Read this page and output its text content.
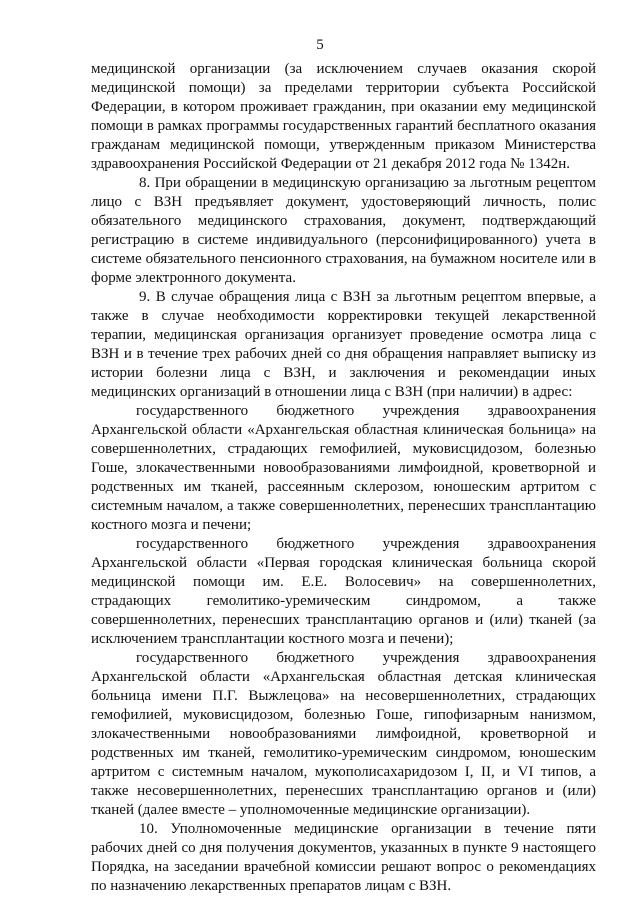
5

медицинской организации (за исключением случаев оказания скорой медицинской помощи) за пределами территории субъекта Российской Федерации, в котором проживает гражданин, при оказании ему медицинской помощи в рамках программы государственных гарантий бесплатного оказания гражданам медицинской помощи, утвержденным приказом Министерства здравоохранения Российской Федерации от 21 декабря 2012 года № 1342н.

8. При обращении в медицинскую организацию за льготным рецептом лицо с ВЗН предъявляет документ, удостоверяющий личность, полис обязательного медицинского страхования, документ, подтверждающий регистрацию в системе индивидуального (персонифицированного) учета в системе обязательного пенсионного страхования, на бумажном носителе или в форме электронного документа.

9. В случае обращения лица с ВЗН за льготным рецептом впервые, а также в случае необходимости корректировки текущей лекарственной терапии, медицинская организация организует проведение осмотра лица с ВЗН и в течение трех рабочих дней со дня обращения направляет выписку из истории болезни лица с ВЗН, и заключения и рекомендации иных медицинских организаций в отношении лица с ВЗН (при наличии) в адрес:

государственного бюджетного учреждения здравоохранения Архангельской области «Архангельская областная клиническая больница» на совершеннолетних, страдающих гемофилией, муковисцидозом, болезнью Гоше, злокачественными новообразованиями лимфоидной, кроветворной и родственных им тканей, рассеянным склерозом, юношеским артритом с системным началом, а также совершеннолетних, перенесших трансплантацию костного мозга и печени;

государственного бюджетного учреждения здравоохранения Архангельской области «Первая городская клиническая больница скорой медицинской помощи им. Е.Е. Волосевич» на совершеннолетних, страдающих гемолитико-уремическим синдромом, а также совершеннолетних, перенесших трансплантацию органов и (или) тканей (за исключением трансплантации костного мозга и печени);

государственного бюджетного учреждения здравоохранения Архангельской области «Архангельская областная детская клиническая больница имени П.Г. Выжлецова» на несовершеннолетних, страдающих гемофилией, муковисцидозом, болезнью Гоше, гипофизарным нанизмом, злокачественными новообразованиями лимфоидной, кроветворной и родственных им тканей, гемолитико-уремическим синдромом, юношеским артритом с системным началом, мукополисахаридозом I, II, и VI типов, а также несовершеннолетних, перенесших трансплантацию органов и (или) тканей (далее вместе – уполномоченные медицинские организации).

10. Уполномоченные медицинские организации в течение пяти рабочих дней со дня получения документов, указанных в пункте 9 настоящего Порядка, на заседании врачебной комиссии решают вопрос о рекомендациях по назначению лекарственных препаратов лицам с ВЗН.
